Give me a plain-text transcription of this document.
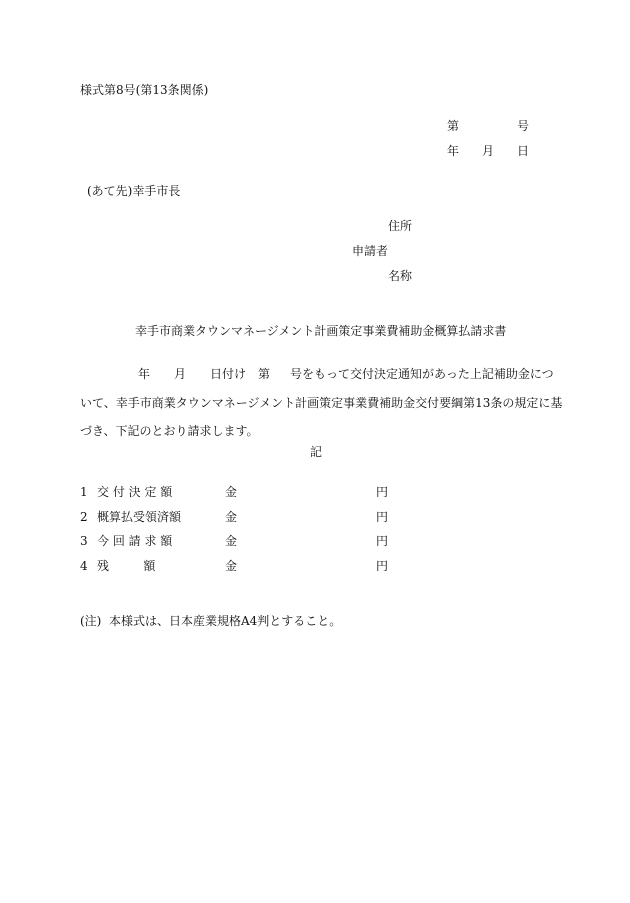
様式第8号(第13条関係)
第	号
年 月 日
(あて先)幸手市長
住所
申請者
名称
幸手市商業タウンマネージメント計画策定事業費補助金概算払請求書
年 月 日付け 第 号をもって交付決定通知があった上記補助金につ
いて、幸手市商業タウンマネージメント計画策定事業費補助金交付要綱第13条の規定に基
づき、下記のとおり請求します。
記
1 交 付 決 定 額	金	円
2 概算払受領済額	金	円
3 今 回 請 求 額	金	円
4 残         額	金	円
(注)  本様式は、日本産業規格A4判とすること。
